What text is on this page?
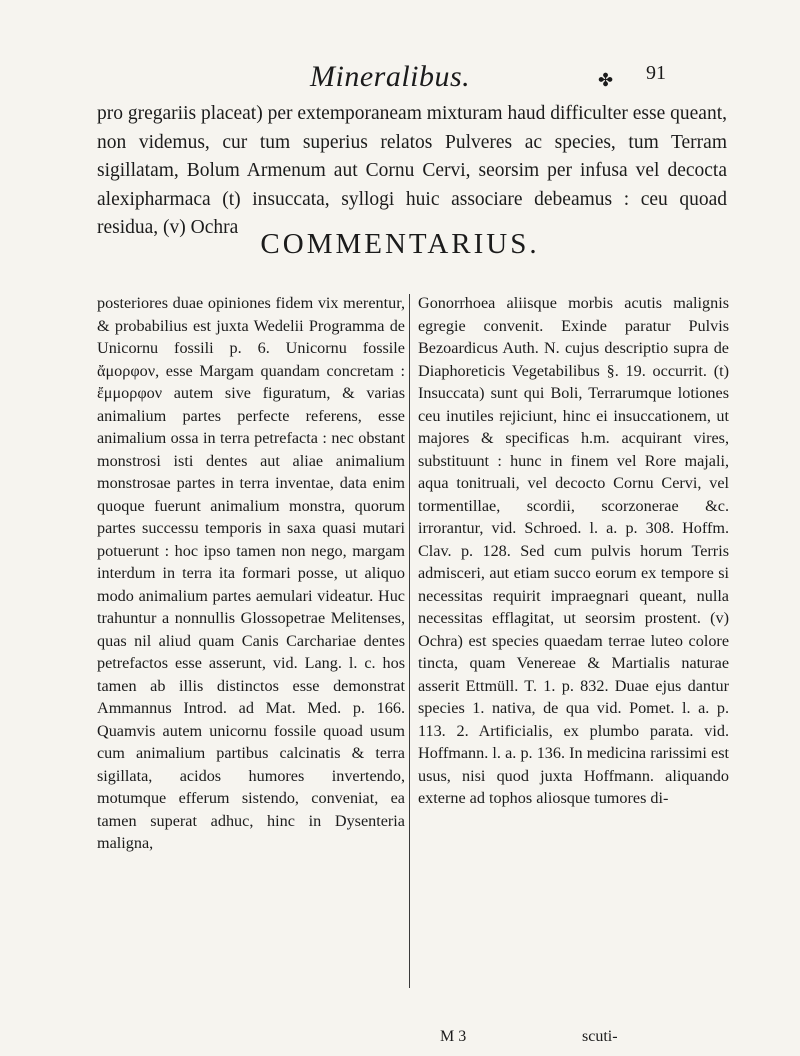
Mineralibus.	✤ 91

pro gregariis placeat) per extemporaneam mixturam haud difficulter esse queant, non videmus, cur tum superius relatos Pulveres ac species, tum Terram sigillatam, Bolum Armenum aut Cornu Cervi, seorsim per infusa vel decocta alexipharmaca (t) insuccata, syllogi huic associare debeamus : ceu quoad residua, (v) Ochra

COMMENTARIUS.

posteriores duae opiniones fidem vix merentur, & probabilius est juxta Wedelii Programma de Unicornu fossili p. 6. Unicornu fossile ἄμορφον, esse Margam quandam concretam : ἔμμορφον autem sive figuratum, & varias animalium partes perfecte referens, esse animalium ossa in terra petrefacta : nec obstant monstrosi isti dentes aut aliae animalium monstrosae partes in terra inventae, data enim quoque fuerunt animalium monstra, quorum partes successu temporis in saxa quasi mutari potuerunt : hoc ipso tamen non nego, margam interdum in terra ita formari posse, ut aliquo modo animalium partes aemulari videatur. Huc trahuntur a nonnullis Glossopetrae Melitenses, quas nil aliud quam Canis Carchariae dentes petrefactos esse asserunt, vid. Lang. l. c. hos tamen ab illis distinctos esse demonstrat Ammannus Introd. ad Mat. Med. p. 166. Quamvis autem unicornu fossile quoad usum cum animalium partibus calcinatis & terra sigillata, acidos humores invertendo, motumque efferum sistendo, conveniat, ea tamen superat adhuc, hinc in Dysenteria maligna,

Gonorrhoea aliisque morbis acutis malignis egregie convenit. Exinde paratur Pulvis Bezoardicus Auth. N. cujus descriptio supra de Diaphoreticis Vegetabilibus §. 19. occurrit. (t) Insuccata) sunt qui Boli, Terrarumque lotiones ceu inutiles rejiciunt, hinc ei insuccationem, ut majores & specificas h.m. acquirant vires, substituunt : hunc in finem vel Rore majali, aqua tonitruali, vel decocto Cornu Cervi, vel tormentillae, scordii, scorzonerae &c. irrorantur, vid. Schroed. l. a. p. 308. Hoffm. Clav. p. 128. Sed cum pulvis horum Terris admisceri, aut etiam succo eorum ex tempore si necessitas requirit impraegnari queant, nulla necessitas efflagitat, ut seorsim prostent. (v) Ochra) est species quaedam terrae luteo colore tincta, quam Venereae & Martialis naturae asserit Ettmüll. T. 1. p. 832. Duae ejus dantur species 1. nativa, de qua vid. Pomet. l. a. p. 113. 2. Artificialis, ex plumbo parata. vid. Hoffmann. l. a. p. 136. In medicina rarissimi est usus, nisi quod juxta Hoffmann. aliquando externe ad tophos aliosque tumores di-

M 3	scuti-
